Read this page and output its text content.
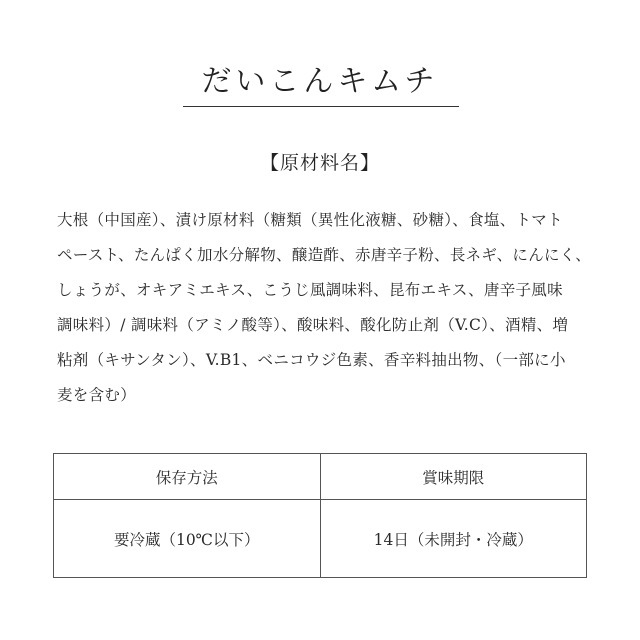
だいこんキムチ
【原材料名】
大根（中国産）、漬け原材料（糖類（異性化液糖、砂糖）、食塩、トマト
ペースト、たんぱく加水分解物、醸造酢、赤唐辛子粉、長ネギ、にんにく、
しょうが、オキアミエキス、こうじ風調味料、昆布エキス、唐辛子風味
調味料）/ 調味料（アミノ酸等）、酸味料、酸化防止剤（V.C）、酒精、増
粘剤（キサンタン）、V.B1、ベニコウジ色素、香辛料抽出物、（一部に小
麦を含む）
保存方法	賞味期限
要冷蔵（10℃以下）	14日（未開封・冷蔵）
